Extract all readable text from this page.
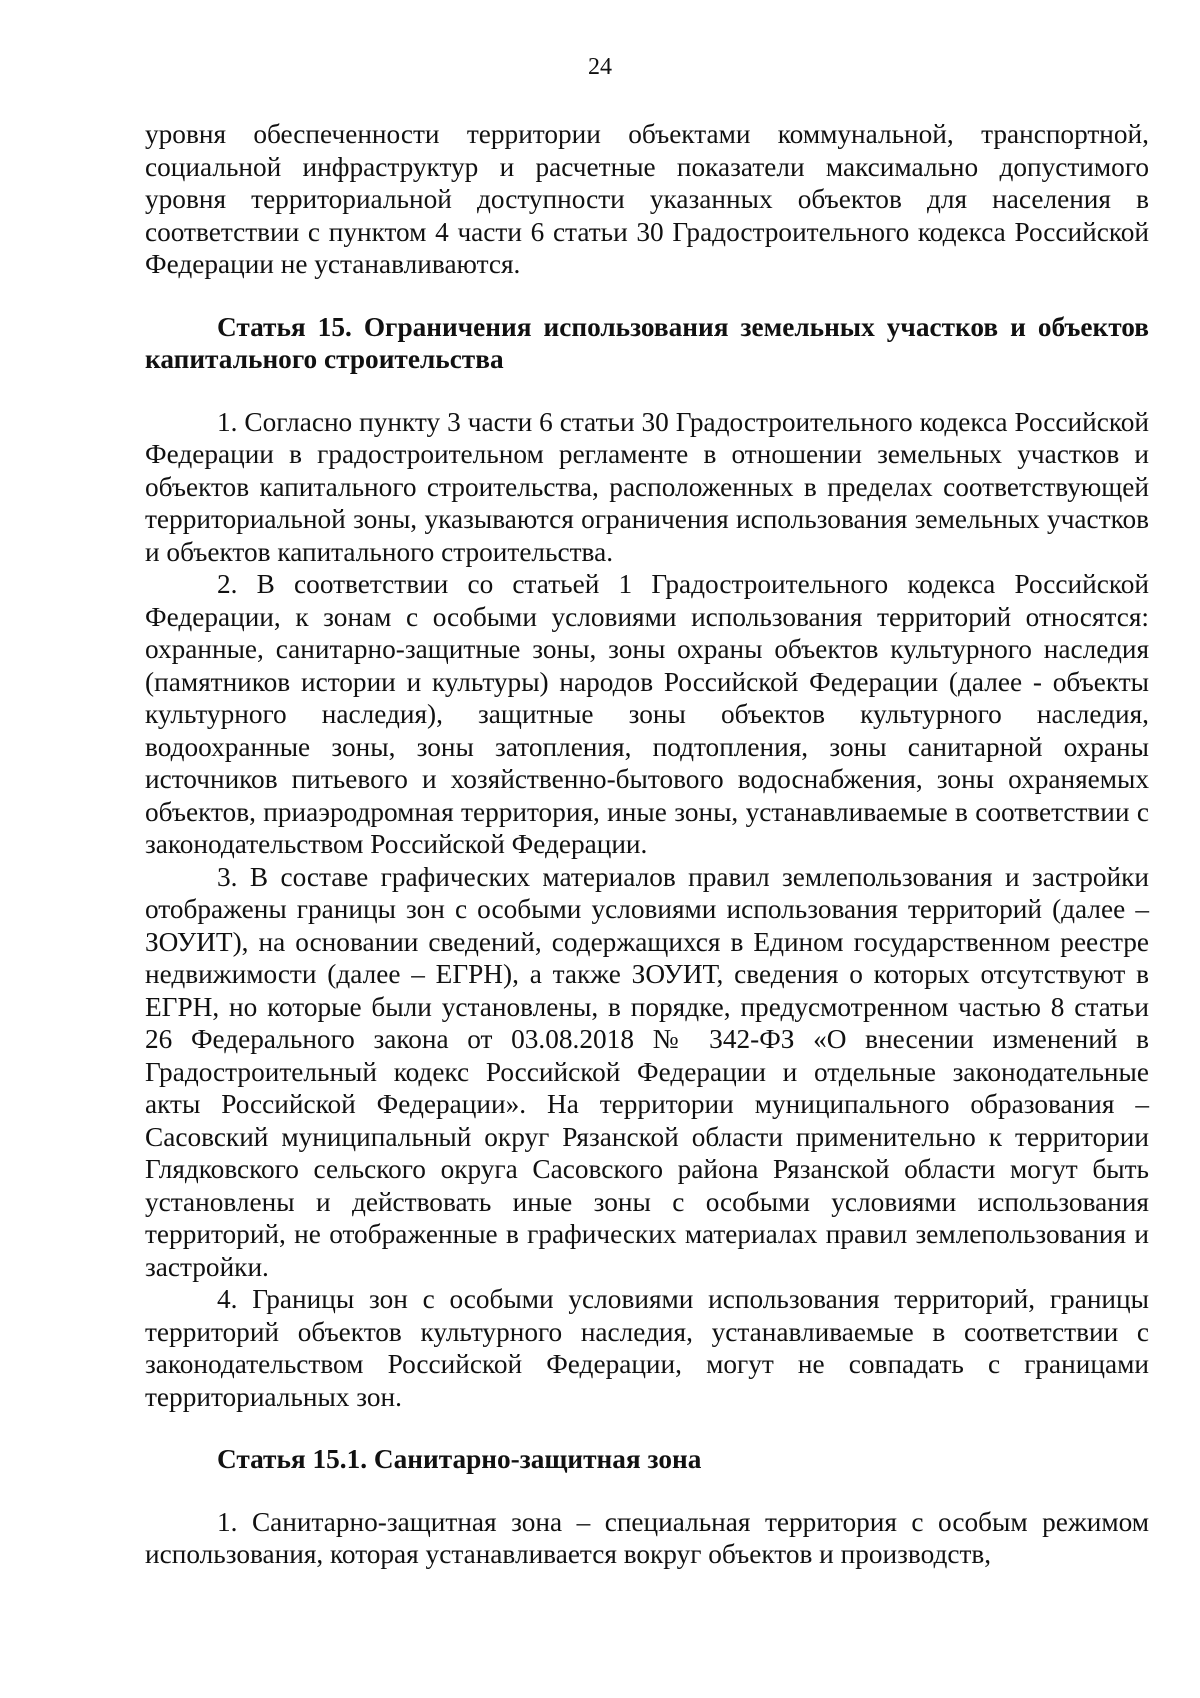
24

уровня обеспеченности территории объектами коммунальной, транспортной, социальной инфраструктур и расчетные показатели максимально допустимого уровня территориальной доступности указанных объектов для населения в соответствии с пунктом 4 части 6 статьи 30 Градостроительного кодекса Российской Федерации не устанавливаются.

Статья 15. Ограничения использования земельных участков и объектов капитального строительства

1. Согласно пункту 3 части 6 статьи 30 Градостроительного кодекса Российской Федерации в градостроительном регламенте в отношении земельных участков и объектов капитального строительства, расположенных в пределах соответствующей территориальной зоны, указываются ограничения использования земельных участков и объектов капитального строительства.

2. В соответствии со статьей 1 Градостроительного кодекса Российской Федерации, к зонам с особыми условиями использования территорий относятся: охранные, санитарно-защитные зоны, зоны охраны объектов культурного наследия (памятников истории и культуры) народов Российской Федерации (далее - объекты культурного наследия), защитные зоны объектов культурного наследия, водоохранные зоны, зоны затопления, подтопления, зоны санитарной охраны источников питьевого и хозяйственно-бытового водоснабжения, зоны охраняемых объектов, приаэродромная территория, иные зоны, устанавливаемые в соответствии с законодательством Российской Федерации.

3. В составе графических материалов правил землепользования и застройки отображены границы зон с особыми условиями использования территорий (далее – ЗОУИТ), на основании сведений, содержащихся в Едином государственном реестре недвижимости (далее – ЕГРН), а также ЗОУИТ, сведения о которых отсутствуют в ЕГРН, но которые были установлены, в порядке, предусмотренном частью 8 статьи 26 Федерального закона от 03.08.2018 № 342-ФЗ «О внесении изменений в Градостроительный кодекс Российской Федерации и отдельные законодательные акты Российской Федерации». На территории муниципального образования – Сасовский муниципальный округ Рязанской области применительно к территории Глядковского сельского округа Сасовского района Рязанской области могут быть установлены и действовать иные зоны с особыми условиями использования территорий, не отображенные в графических материалах правил землепользования и застройки.

4. Границы зон с особыми условиями использования территорий, границы территорий объектов культурного наследия, устанавливаемые в соответствии с законодательством Российской Федерации, могут не совпадать с границами территориальных зон.

Статья 15.1. Санитарно-защитная зона

1. Санитарно-защитная зона – специальная территория с особым режимом использования, которая устанавливается вокруг объектов и производств,
